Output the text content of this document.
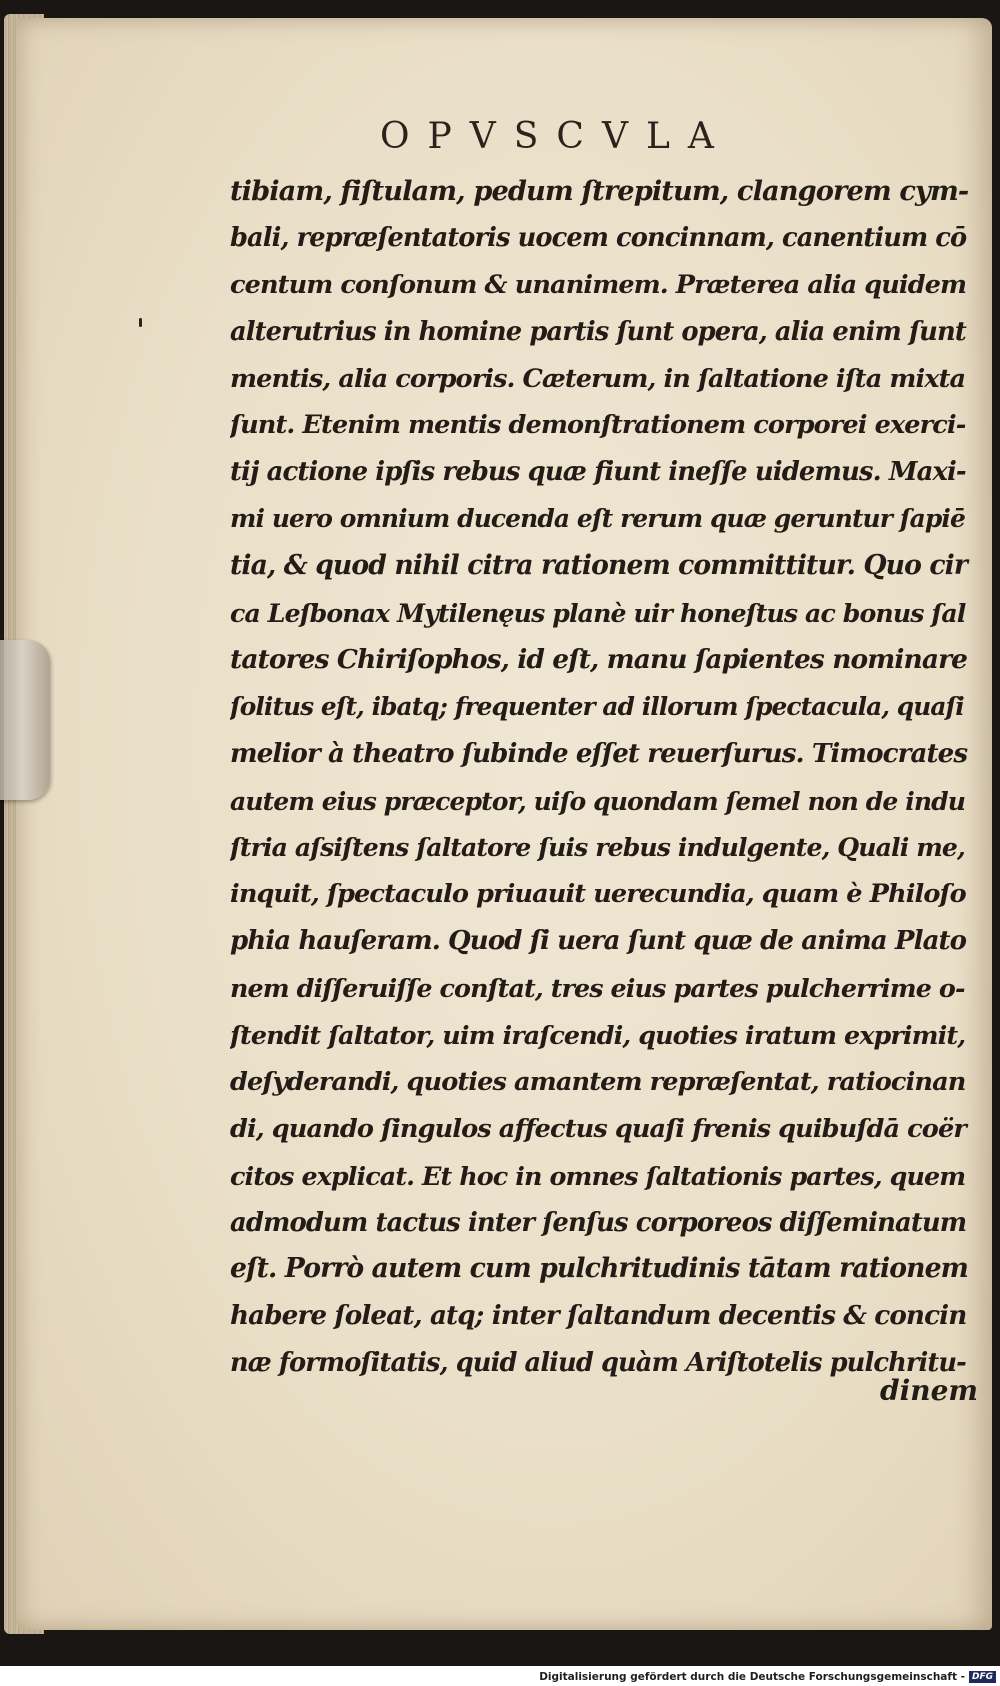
OPVSCVLA
tibiam, fiſtulam, pedum ſtrepitum, clangorem cym-
bali, repræſentatoris uocem concinnam, canentium cō
centum conſonum & unanimem. Præterea alia quidem
alterutrius in homine partis ſunt opera, alia enim ſunt
mentis, alia corporis. Cæterum, in ſaltatione iſta mixta
ſunt. Etenim mentis demonſtrationem corporei exerci-
tij actione ipſis rebus quæ fiunt ineſſe uidemus. Maxi-
mi uero omnium ducenda eſt rerum quæ geruntur ſapiē
tia, & quod nihil citra rationem committitur. Quo cir
ca Leſbonax Mytilenęus planè uir honeſtus ac bonus ſal
tatores Chiriſophos, id eſt, manu ſapientes nominare
ſolitus eſt, ibatq; frequenter ad illorum ſpectacula, quaſi
melior à theatro ſubinde eſſet reuerſurus. Timocrates
autem eius præceptor, uiſo quondam ſemel non de indu
ſtria aſsiſtens ſaltatore ſuis rebus indulgente, Quali me,
inquit, ſpectaculo priuauit uerecundia, quam è Philoſo
phia hauſeram. Quod ſi uera ſunt quæ de anima Plato
nem diſſeruiſſe conſtat, tres eius partes pulcherrime o-
ſtendit ſaltator, uim iraſcendi, quoties iratum exprimit,
deſyderandi, quoties amantem repræſentat, ratiocinan
di, quando ſingulos affectus quaſi frenis quibuſdā coër
citos explicat. Et hoc in omnes ſaltationis partes, quem
admodum tactus inter ſenſus corporeos diſſeminatum
eſt. Porrò autem cum pulchritudinis tātam rationem
habere ſoleat, atq; inter ſaltandum decentis & concin
næ formoſitatis, quid aliud quàm Ariſtotelis pulchritu-
dinem
Digitalisierung gefördert durch die Deutsche Forschungsgemeinschaft - DFG
